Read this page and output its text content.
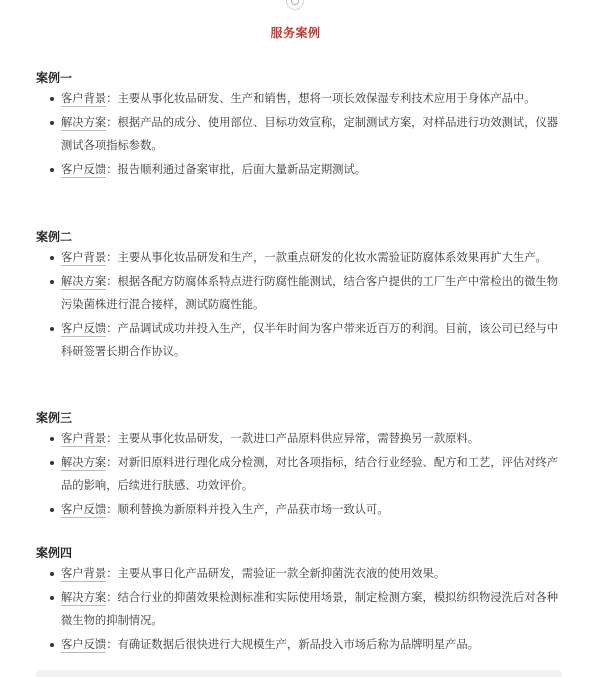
服务案例
案例一
客户背景：主要从事化妆品研发、生产和销售，想将一项长效保湿专利技术应用于身体产品中。
解决方案：根据产品的成分、使用部位、目标功效宣称，定制测试方案，对样品进行功效测试，仪器测试各项指标参数。
客户反馈：报告顺利通过备案审批，后面大量新品定期测试。
案例二
客户背景：主要从事化妆品研发和生产，一款重点研发的化妆水需验证防腐体系效果再扩大生产。
解决方案：根据各配方防腐体系特点进行防腐性能测试，结合客户提供的工厂生产中常检出的微生物污染菌株进行混合接样，测试防腐性能。
客户反馈：产品调试成功并投入生产，仅半年时间为客户带来近百万的利润。目前，该公司已经与中科研签署长期合作协议。
案例三
客户背景：主要从事化妆品研发，一款进口产品原料供应异常，需替换另一款原料。
解决方案：对新旧原料进行理化成分检测，对比各项指标，结合行业经验、配方和工艺，评估对终产品的影响，后续进行肤感、功效评价。
客户反馈：顺利替换为新原料并投入生产，产品获市场一致认可。
案例四
客户背景：主要从事日化产品研发，需验证一款全新抑菌洗衣液的使用效果。
解决方案：结合行业的抑菌效果检测标准和实际使用场景，制定检测方案，模拟纺织物浸洗后对各种微生物的抑制情况。
客户反馈：有确证数据后很快进行大规模生产，新品投入市场后称为品牌明星产品。
